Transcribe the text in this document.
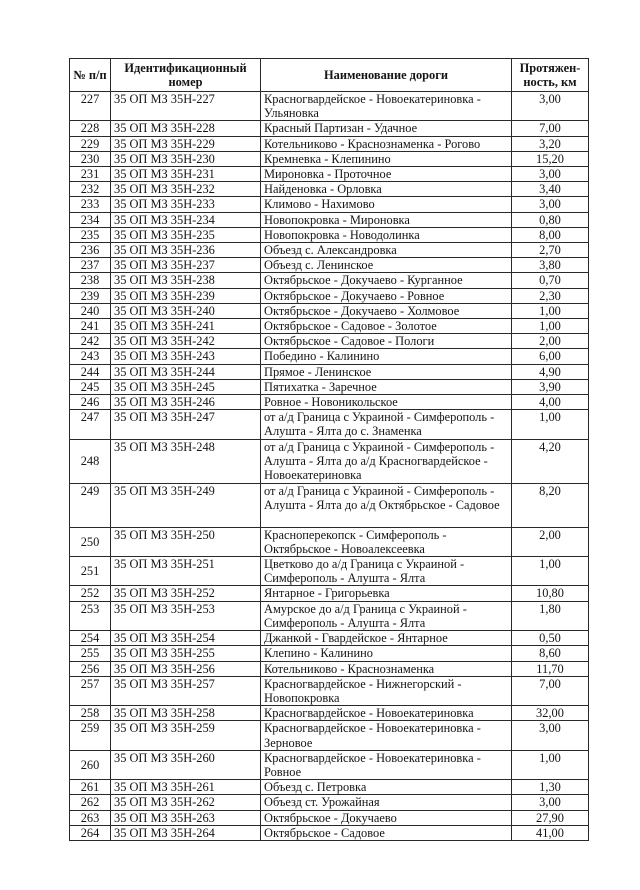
№ п/п	Идентификационный номер	Наименование дороги	Протяжен-ность, км
227	35 ОП МЗ 35Н-227	Красногвардейское - Новоекатериновка - Ульяновка	3,00
228	35 ОП МЗ 35Н-228	Красный Партизан - Удачное	7,00
229	35 ОП МЗ 35Н-229	Котельниково - Краснознаменка - Рогово	3,20
230	35 ОП МЗ 35Н-230	Кремневка - Клепинино	15,20
231	35 ОП МЗ 35Н-231	Мироновка - Проточное	3,00
232	35 ОП МЗ 35Н-232	Найденовка - Орловка	3,40
233	35 ОП МЗ 35Н-233	Климово - Нахимово	3,00
234	35 ОП МЗ 35Н-234	Новопокровка - Мироновка	0,80
235	35 ОП МЗ 35Н-235	Новопокровка - Новодолинка	8,00
236	35 ОП МЗ 35Н-236	Объезд с. Александровка	2,70
237	35 ОП МЗ 35Н-237	Объезд с. Ленинское	3,80
238	35 ОП МЗ 35Н-238	Октябрьское - Докучаево - Курганное	0,70
239	35 ОП МЗ 35Н-239	Октябрьское - Докучаево - Ровное	2,30
240	35 ОП МЗ 35Н-240	Октябрьское - Докучаево - Холмовое	1,00
241	35 ОП МЗ 35Н-241	Октябрьское - Садовое - Золотое	1,00
242	35 ОП МЗ 35Н-242	Октябрьское - Садовое - Пологи	2,00
243	35 ОП МЗ 35Н-243	Победино - Калинино	6,00
244	35 ОП МЗ 35Н-244	Прямое - Ленинское	4,90
245	35 ОП МЗ 35Н-245	Пятихатка - Заречное	3,90
246	35 ОП МЗ 35Н-246	Ровное - Новоникольское	4,00
247	35 ОП МЗ 35Н-247	от а/д Граница с Украиной - Симферополь - Алушта - Ялта до с. Знаменка	1,00
248	35 ОП МЗ 35Н-248	от а/д Граница с Украиной - Симферополь - Алушта - Ялта до а/д Красногвардейское - Новоекатериновка	4,20
249	35 ОП МЗ 35Н-249	от а/д Граница с Украиной - Симферополь - Алушта - Ялта до а/д Октябрьское - Садовое	8,20
250	35 ОП МЗ 35Н-250	Красноперекопск - Симферополь - Октябрьское - Новоалексеевка	2,00
251	35 ОП МЗ 35Н-251	Цветково до а/д Граница с Украиной - Симферополь - Алушта - Ялта	1,00
252	35 ОП МЗ 35Н-252	Янтарное - Григорьевка	10,80
253	35 ОП МЗ 35Н-253	Амурское до а/д Граница с Украиной - Симферополь - Алушта - Ялта	1,80
254	35 ОП МЗ 35Н-254	Джанкой - Гвардейское - Янтарное	0,50
255	35 ОП МЗ 35Н-255	Клепино - Калинино	8,60
256	35 ОП МЗ 35Н-256	Котельниково - Краснознаменка	11,70
257	35 ОП МЗ 35Н-257	Красногвардейское - Нижнегорский - Новопокровка	7,00
258	35 ОП МЗ 35Н-258	Красногвардейское - Новоекатериновка	32,00
259	35 ОП МЗ 35Н-259	Красногвардейское - Новоекатериновка - Зерновое	3,00
260	35 ОП МЗ 35Н-260	Красногвардейское - Новоекатериновка - Ровное	1,00
261	35 ОП МЗ 35Н-261	Объезд с. Петровка	1,30
262	35 ОП МЗ 35Н-262	Объезд ст. Урожайная	3,00
263	35 ОП МЗ 35Н-263	Октябрьское - Докучаево	27,90
264	35 ОП МЗ 35Н-264	Октябрьское - Садовое	41,00
